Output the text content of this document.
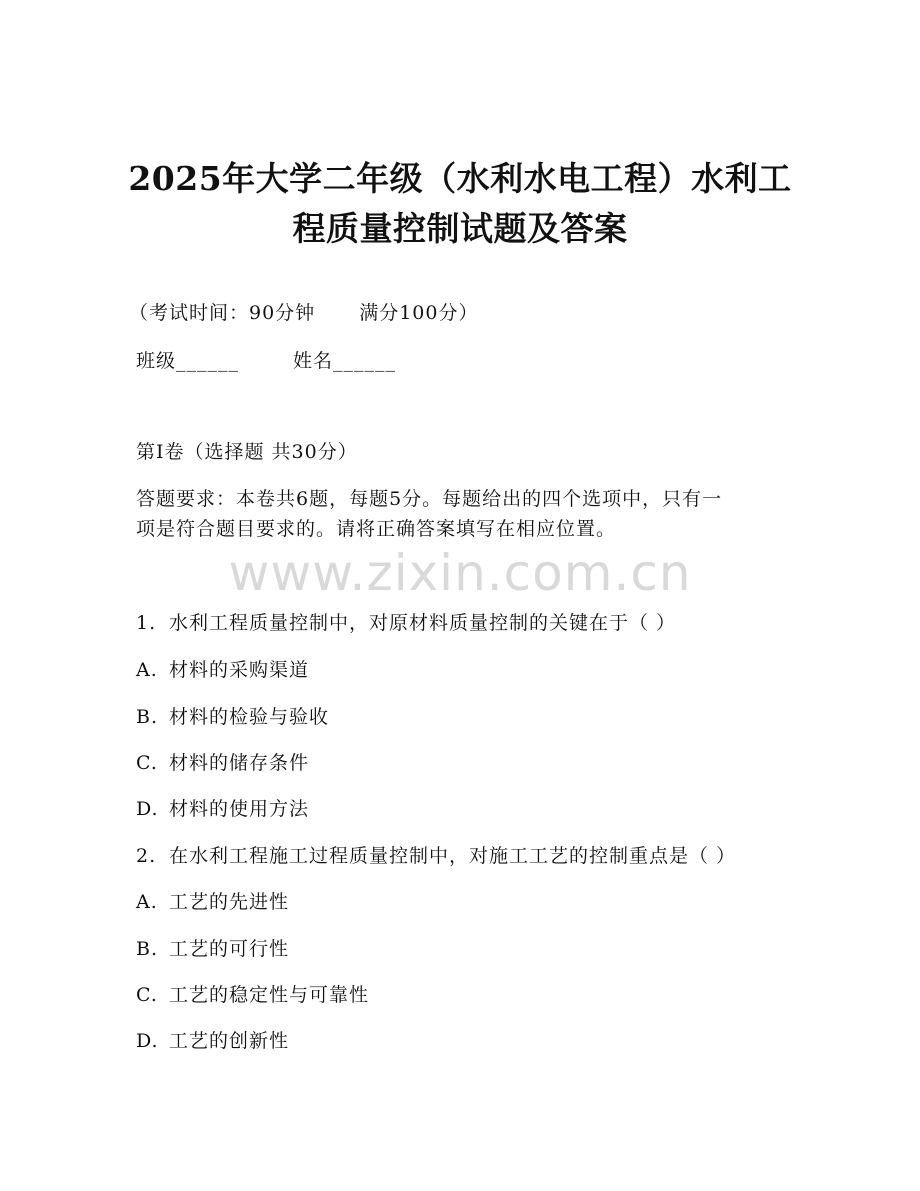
www.zixin.com.cn
2025年大学二年级（水利水电工程）水利工
程质量控制试题及答案
（考试时间：90分钟 满分100分）
班级______	姓名______
第I卷（选择题 共30分）
答题要求：本卷共6题，每题5分。每题给出的四个选项中，只有一
项是符合题目要求的。请将正确答案填写在相应位置。
1. 水利工程质量控制中，对原材料质量控制的关键在于（ ）
A. 材料的采购渠道
B. 材料的检验与验收
C. 材料的储存条件
D. 材料的使用方法
2. 在水利工程施工过程质量控制中，对施工工艺的控制重点是（ ）
A. 工艺的先进性
B. 工艺的可行性
C. 工艺的稳定性与可靠性
D. 工艺的创新性
